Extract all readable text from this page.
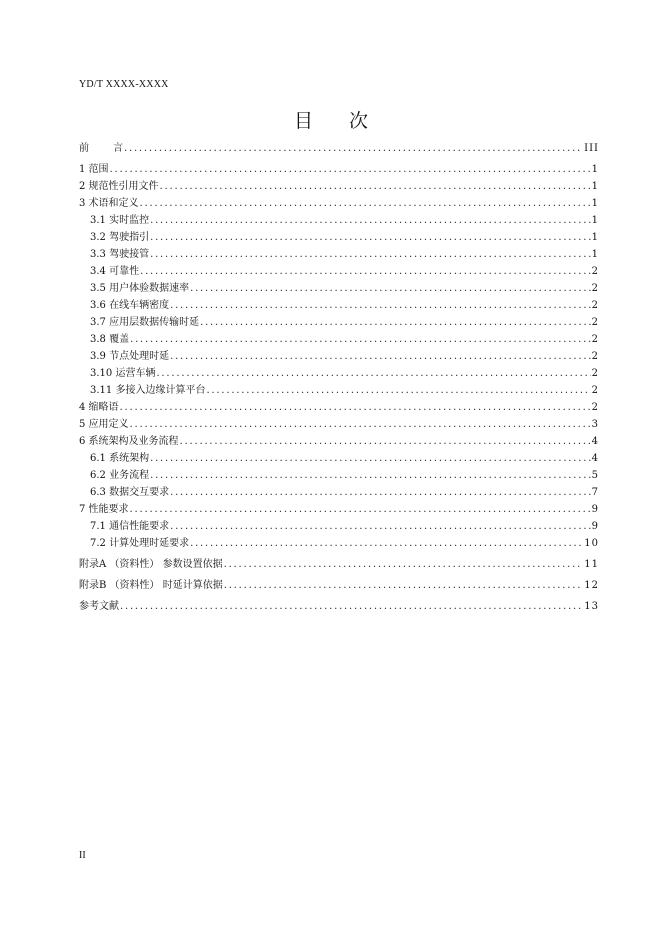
YD/T XXXX-XXXX
目 次
前 言 .....	III
1 范围 .....	1
2 规范性引用文件 .....	1
3 术语和定义 .....	1
3.1 实时监控 .....	1
3.2 驾驶指引 .....	1
3.3 驾驶接管 .....	1
3.4 可靠性 .....	2
3.5 用户体验数据速率 .....	2
3.6 在线车辆密度 .....	2
3.7 应用层数据传输时延 .....	2
3.8 覆盖 .....	2
3.9 节点处理时延 .....	2
3.10 运营车辆 .....	2
3.11 多接入边缘计算平台 .....	2
4 缩略语 .....	2
5 应用定义 .....	3
6 系统架构及业务流程 .....	4
6.1 系统架构 .....	4
6.2 业务流程 .....	5
6.3 数据交互要求 .....	7
7 性能要求 .....	9
7.1 通信性能要求 .....	9
7.2 计算处理时延要求 .....	10
附录A （资料性） 参数设置依据 .....	11
附录B （资料性） 时延计算依据 .....	12
参考文献 .....	13
II
